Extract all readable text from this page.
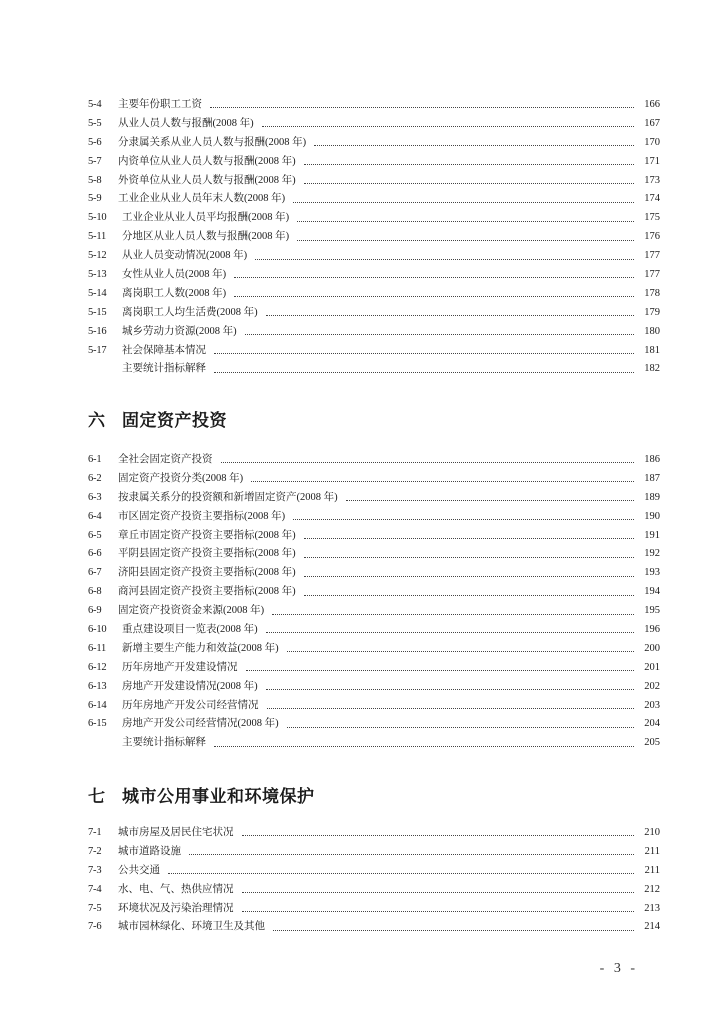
5-4	主要年份职工工资	166
5-5	从业人员人数与报酬(2008 年)	167
5-6	分隶属关系从业人员人数与报酬(2008 年)	170
5-7	内资单位从业人员人数与报酬(2008 年)	171
5-8	外资单位从业人员人数与报酬(2008 年)	173
5-9	工业企业从业人员年末人数(2008 年)	174
5-10	工业企业从业人员平均报酬(2008 年)	175
5-11	分地区从业人员人数与报酬(2008 年)	176
5-12	从业人员变动情况(2008 年)	177
5-13	女性从业人员(2008 年)	177
5-14	离岗职工人数(2008 年)	178
5-15	离岗职工人均生活费(2008 年)	179
5-16	城乡劳动力资源(2008 年)	180
5-17	社会保障基本情况	181
主要统计指标解释	182
六 固定资产投资
6-1	全社会固定资产投资	186
6-2	固定资产投资分类(2008 年)	187
6-3	按隶属关系分的投资额和新增固定资产(2008 年)	189
6-4	市区固定资产投资主要指标(2008 年)	190
6-5	章丘市固定资产投资主要指标(2008 年)	191
6-6	平阴县固定资产投资主要指标(2008 年)	192
6-7	济阳县固定资产投资主要指标(2008 年)	193
6-8	商河县固定资产投资主要指标(2008 年)	194
6-9	固定资产投资资金来源(2008 年)	195
6-10	重点建设项目一览表(2008 年)	196
6-11	新增主要生产能力和效益(2008 年)	200
6-12	历年房地产开发建设情况	201
6-13	房地产开发建设情况(2008 年)	202
6-14	历年房地产开发公司经营情况	203
6-15	房地产开发公司经营情况(2008 年)	204
主要统计指标解释	205
七 城市公用事业和环境保护
7-1	城市房屋及居民住宅状况	210
7-2	城市道路设施	211
7-3	公共交通	211
7-4	水、电、气、热供应情况	212
7-5	环境状况及污染治理情况	213
7-6	城市园林绿化、环境卫生及其他	214
- 3 -
